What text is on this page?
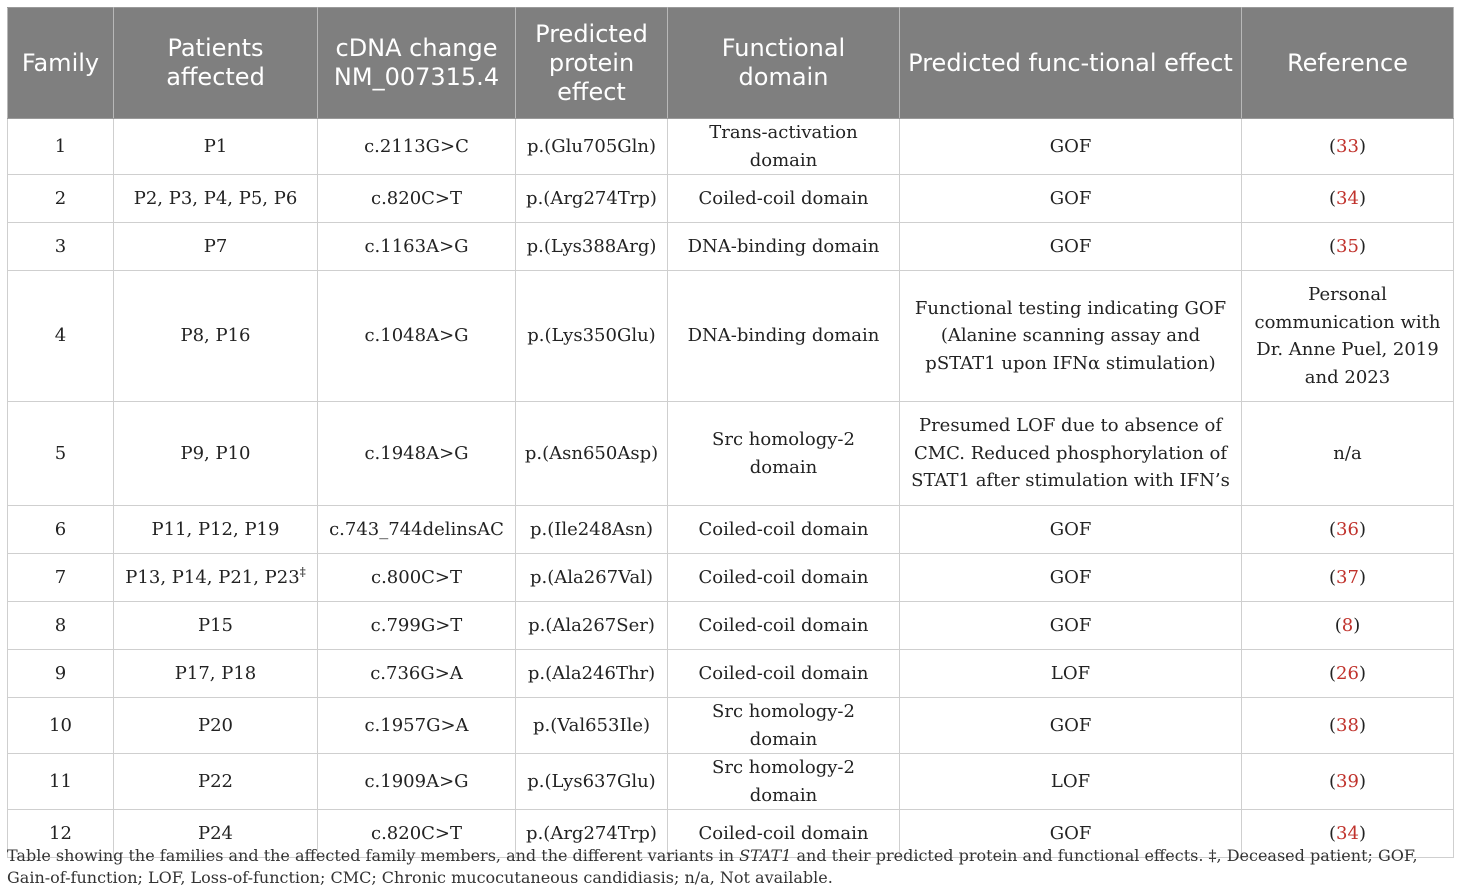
Family	Patients affected	cDNA change NM_007315.4	Predicted protein effect	Functional domain	Predicted func-tional effect	Reference
1	P1	c.2113G>C	p.(Glu705Gln)	Trans-activation domain	GOF	(33)
2	P2, P3, P4, P5, P6	c.820C>T	p.(Arg274Trp)	Coiled-coil domain	GOF	(34)
3	P7	c.1163A>G	p.(Lys388Arg)	DNA-binding domain	GOF	(35)
4	P8, P16	c.1048A>G	p.(Lys350Glu)	DNA-binding domain	Functional testing indicating GOF (Alanine scanning assay and pSTAT1 upon IFNα stimulation)	Personal communication with Dr. Anne Puel, 2019 and 2023
5	P9, P10	c.1948A>G	p.(Asn650Asp)	Src homology-2 domain	Presumed LOF due to absence of CMC. Reduced phosphorylation of STAT1 after stimulation with IFN’s	n/a
6	P11, P12, P19	c.743_744delinsAC	p.(Ile248Asn)	Coiled-coil domain	GOF	(36)
7	P13, P14, P21, P23‡	c.800C>T	p.(Ala267Val)	Coiled-coil domain	GOF	(37)
8	P15	c.799G>T	p.(Ala267Ser)	Coiled-coil domain	GOF	(8)
9	P17, P18	c.736G>A	p.(Ala246Thr)	Coiled-coil domain	LOF	(26)
10	P20	c.1957G>A	p.(Val653Ile)	Src homology-2 domain	GOF	(38)
11	P22	c.1909A>G	p.(Lys637Glu)	Src homology-2 domain	LOF	(39)
12	P24	c.820C>T	p.(Arg274Trp)	Coiled-coil domain	GOF	(34)
Table showing the families and the affected family members, and the different variants in STAT1 and their predicted protein and functional effects. ‡, Deceased patient; GOF, Gain-of-function; LOF, Loss-of-function; CMC; Chronic mucocutaneous candidiasis; n/a, Not available.
